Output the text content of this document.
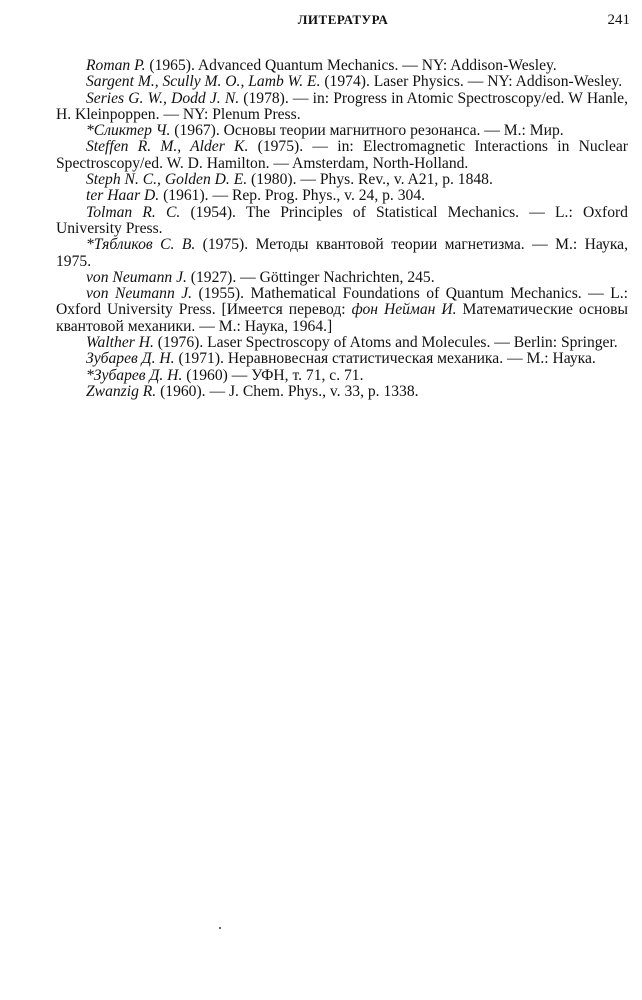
ЛИТЕРАТУРА	241

Roman P. (1965). Advanced Quantum Mechanics. — NY: Addison-Wesley.

Sargent M., Scully M. O., Lamb W. E. (1974). Laser Physics. — NY: Addison-Wesley.

Series G. W., Dodd J. N. (1978). — in: Progress in Atomic Spectroscopy/ed. W Hanle, H. Kleinpoppen. — NY: Plenum Press.

*Сликтер Ч. (1967). Основы теории магнитного резонанса. — М.: Мир.

Steffen R. M., Alder K. (1975). — in: Electromagnetic Interactions in Nuclear Spectroscopy/ed. W. D. Hamilton. — Amsterdam, North-Holland.

Steph N. C., Golden D. E. (1980). — Phys. Rev., v. A21, p. 1848.

ter Haar D. (1961). — Rep. Prog. Phys., v. 24, p. 304.

Tolman R. C. (1954). The Principles of Statistical Mechanics. — L.: Oxford University Press.

*Тябликов С. В. (1975). Методы квантовой теории магнетизма. — М.: Наука, 1975.

von Neumann J. (1927). — Göttinger Nachrichten, 245.

von Neumann J. (1955). Mathematical Foundations of Quantum Mechanics. — L.: Oxford University Press. [Имеется перевод: фон Нейман И. Математические основы квантовой механики. — М.: Наука, 1964.]

Walther H. (1976). Laser Spectroscopy of Atoms and Molecules. — Berlin: Springer.

Зубарев Д. Н. (1971). Неравновесная статистическая механика. — М.: Наука.

*Зубарев Д. Н. (1960) — УФН, т. 71, с. 71.

Zwanzig R. (1960). — J. Chem. Phys., v. 33, p. 1338.
